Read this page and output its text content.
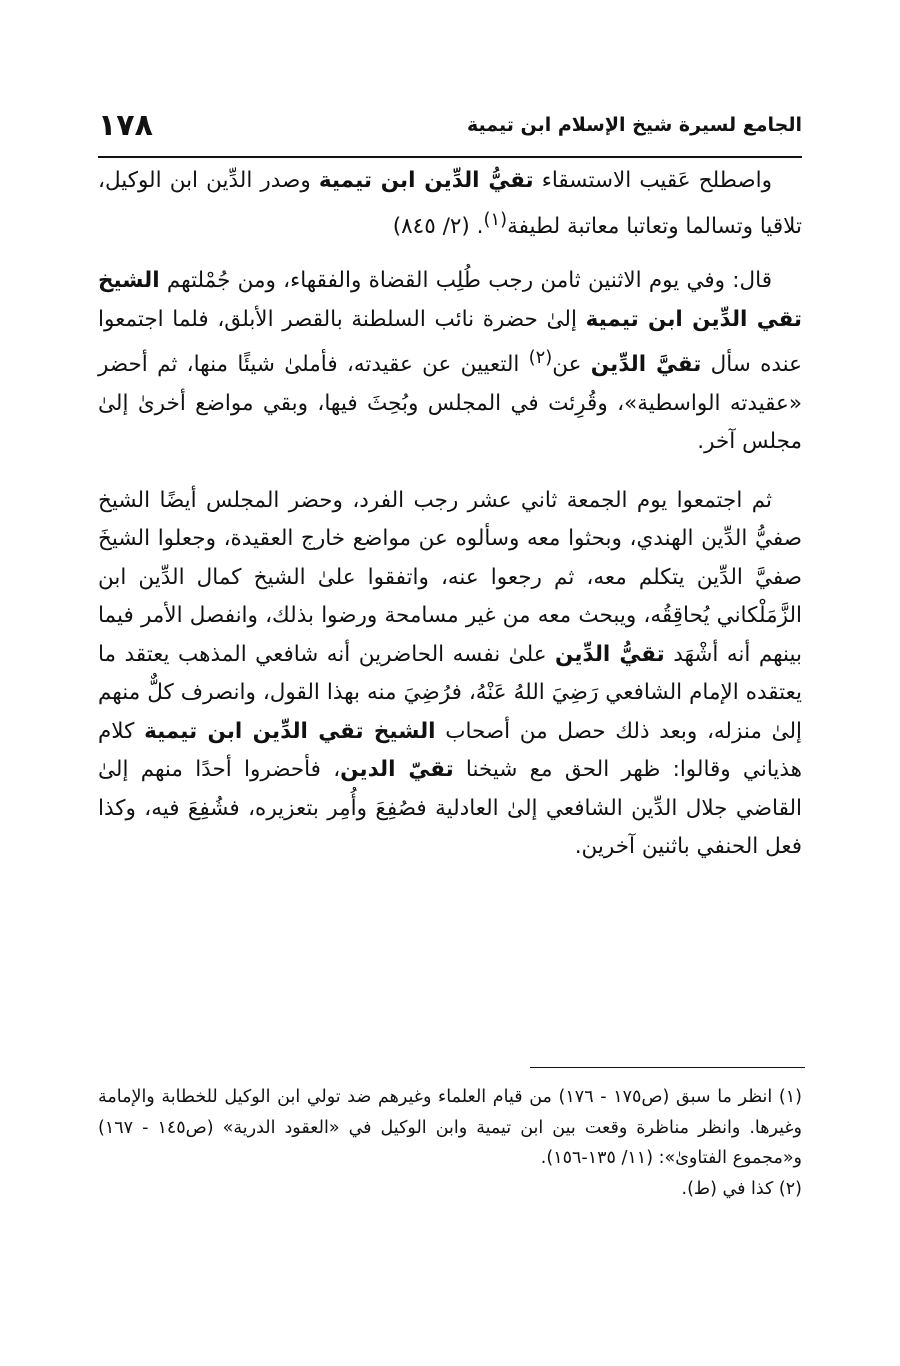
الجامع لسيرة شيخ الإسلام ابن تيمية
١٧٨

واصطلح عَقيب الاستسقاء تقيُّ الدِّين ابن تيمية وصدر الدِّين ابن الوكيل، تلاقيا وتسالما وتعاتبا معاتبة لطيفة$^{(١)}$. (٢/ ٨٤٥)

قال: وفي يوم الاثنين ثامن رجب طُلِب القضاة والفقهاء، ومن جُمْلتهم الشيخ تقي الدِّين ابن تيمية إلىٰ حضرة نائب السلطنة بالقصر الأبلق، فلما اجتمعوا عنده سأل تقيَّ الدِّين عن$^{(٢)}$ التعيين عن عقيدته، فأملىٰ شيئًا منها، ثم أحضر «عقيدته الواسطية»، وقُرِئت في المجلس وبُحِثَ فيها، وبقي مواضع أخرىٰ إلىٰ مجلس آخر.

ثم اجتمعوا يوم الجمعة ثاني عشر رجب الفرد، وحضر المجلس أيضًا الشيخ صفيُّ الدِّين الهندي، وبحثوا معه وسألوه عن مواضع خارج العقيدة، وجعلوا الشيخَ صفيَّ الدِّين يتكلم معه، ثم رجعوا عنه، واتفقوا علىٰ الشيخ كمال الدِّين ابن الزَّمَلْكاني يُحاقِقُه، ويبحث معه من غير مسامحة ورضوا بذلك، وانفصل الأمر فيما بينهم أنه أشْهَد تقيُّ الدِّين علىٰ نفسه الحاضرين أنه شافعي المذهب يعتقد ما يعتقده الإمام الشافعي رَضِيَ اللهُ عَنْهُ، فرُضِيَ منه بهذا القول، وانصرف كلٌّ منهم إلىٰ منزله، وبعد ذلك حصل من أصحاب الشيخ تقي الدِّين ابن تيمية كلام هذياني وقالوا: ظهر الحق مع شيخنا تقيّ الدين، فأحضروا أحدًا منهم إلىٰ القاضي جلال الدِّين الشافعي إلىٰ العادلية فصُفِعَ وأُمِر بتعزيره، فشُفِعَ فيه، وكذا فعل الحنفي باثنين آخرين.

(١) انظر ما سبق (ص١٧٥ - ١٧٦) من قيام العلماء وغيرهم ضد تولي ابن الوكيل للخطابة والإمامة وغيرها. وانظر مناظرة وقعت بين ابن تيمية وابن الوكيل في «العقود الدرية» (ص١٤٥ - ١٦٧) و«مجموع الفتاوىٰ»: (١١/ ١٣٥-١٥٦).

(٢) كذا في (ط).
